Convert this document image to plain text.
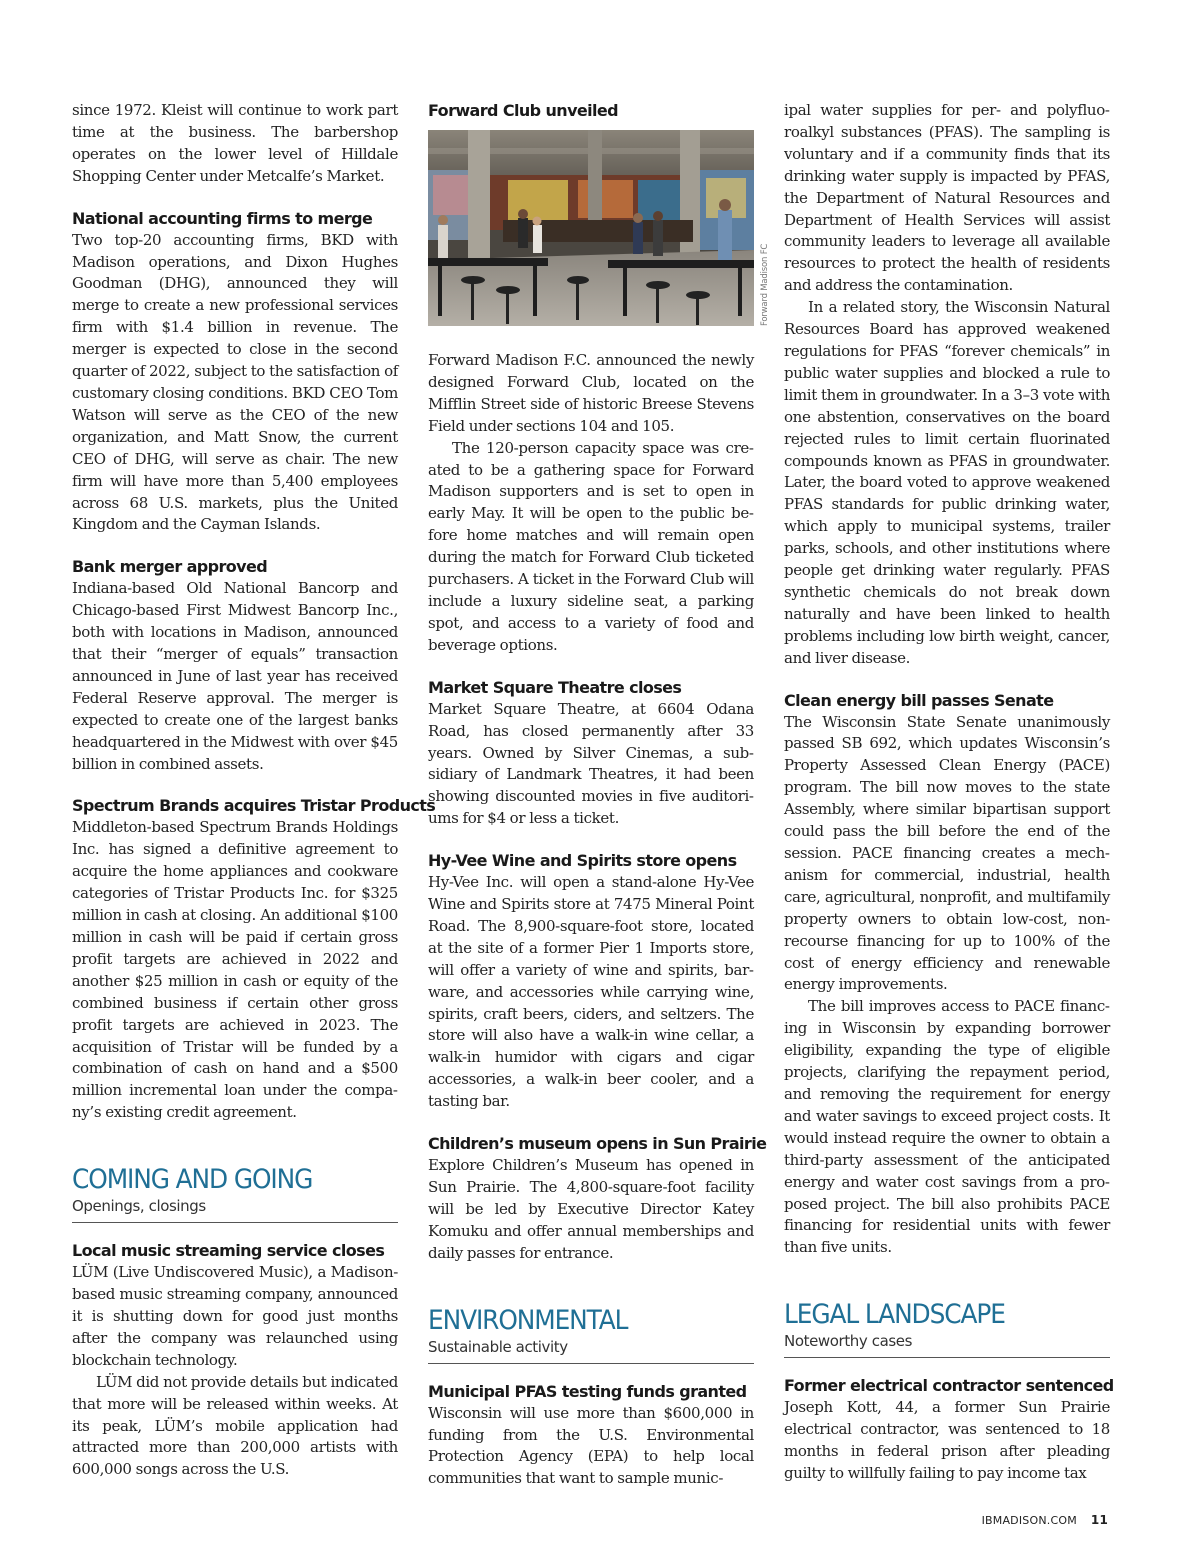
since 1972. Kleist will continue to work part time at the business. The barbershop operates on the lower level of Hilldale Shopping Center under Metcalfe’s Market.

National accounting firms to merge

Two top-20 accounting firms, BKD with Madison operations, and Dixon Hughes Goodman (DHG), announced they will merge to create a new professional services firm with $1.4 billion in revenue. The merger is expected to close in the second quarter of 2022, subject to the satisfaction of customary closing conditions. BKD CEO Tom Watson will serve as the CEO of the new organization, and Matt Snow, the current CEO of DHG, will serve as chair. The new firm will have more than 5,400 employees across 68 U.S. markets, plus the United Kingdom and the Cayman Islands.

Bank merger approved

Indiana-based Old National Bancorp and Chicago-based First Midwest Bancorp Inc., both with locations in Madison, announced that their “merger of equals” transaction announced in June of last year has received Federal Reserve approval. The merger is expected to create one of the largest banks headquartered in the Midwest with over $45 billion in combined assets.

Spectrum Brands acquires Tristar Products

Middleton-based Spectrum Brands Holdings Inc. has signed a definitive agreement to acquire the home appliances and cookware categories of Tristar Products Inc. for $325 million in cash at closing. An additional $100 million in cash will be paid if certain gross profit targets are achieved in 2022 and another $25 million in cash or equity of the combined business if certain other gross profit targets are achieved in 2023. The acquisition of Tristar will be funded by a combination of cash on hand and a $500 million incremental loan under the company’s existing credit agreement.

COMING AND GOING
Openings, closings
Local music streaming service closes

LÜM (Live Undiscovered Music), a Madison-based music streaming company, announced it is shutting down for good just months after the company was relaunched using blockchain technology.

LÜM did not provide details but indicated that more will be released within weeks. At its peak, LÜM’s mobile application had attracted more than 200,000 artists with 600,000 songs across the U.S.

Forward Club unveiled
Forward Madison FC

Forward Madison F.C. announced the newly designed Forward Club, located on the Mifflin Street side of historic Breese Stevens Field under sections 104 and 105.

The 120-person capacity space was created to be a gathering space for Forward Madison supporters and is set to open in early May. It will be open to the public before home matches and will remain open during the match for Forward Club ticketed purchasers. A ticket in the Forward Club will include a luxury sideline seat, a parking spot, and access to a variety of food and beverage options.

Market Square Theatre closes

Market Square Theatre, at 6604 Odana Road, has closed permanently after 33 years. Owned by Silver Cinemas, a subsidiary of Landmark Theatres, it had been showing discounted movies in five auditoriums for $4 or less a ticket.

Hy-Vee Wine and Spirits store opens

Hy-Vee Inc. will open a stand-alone Hy-Vee Wine and Spirits store at 7475 Mineral Point Road. The 8,900-square-foot store, located at the site of a former Pier 1 Imports store, will offer a variety of wine and spirits, barware, and accessories while carrying wine, spirits, craft beers, ciders, and seltzers. The store will also have a walk-in wine cellar, a walk-in humidor with cigars and cigar accessories, a walk-in beer cooler, and a tasting bar.

Children’s museum opens in Sun Prairie

Explore Children’s Museum has opened in Sun Prairie. The 4,800-square-foot facility will be led by Executive Director Katey Komuku and offer annual memberships and daily passes for entrance.

ENVIRONMENTAL
Sustainable activity
Municipal PFAS testing funds granted

Wisconsin will use more than $600,000 in funding from the U.S. Environmental Protection Agency (EPA) to help local communities that want to sample munic-

ipal water supplies for per- and polyfluoroalkyl substances (PFAS). The sampling is voluntary and if a community finds that its drinking water supply is impacted by PFAS, the Department of Natural Resources and Department of Health Services will assist community leaders to leverage all available resources to protect the health of residents and address the contamination.

In a related story, the Wisconsin Natural Resources Board has approved weakened regulations for PFAS “forever chemicals” in public water supplies and blocked a rule to limit them in groundwater. In a 3–3 vote with one abstention, conservatives on the board rejected rules to limit certain fluorinated compounds known as PFAS in groundwater. Later, the board voted to approve weakened PFAS standards for public drinking water, which apply to municipal systems, trailer parks, schools, and other institutions where people get drinking water regularly. PFAS synthetic chemicals do not break down naturally and have been linked to health problems including low birth weight, cancer, and liver disease.

Clean energy bill passes Senate

The Wisconsin State Senate unanimously passed SB 692, which updates Wisconsin’s Property Assessed Clean Energy (PACE) program. The bill now moves to the state Assembly, where similar bipartisan support could pass the bill before the end of the session. PACE financing creates a mechanism for commercial, industrial, health care, agricultural, nonprofit, and multifamily property owners to obtain low-cost, non-recourse financing for up to 100% of the cost of energy efficiency and renewable energy improvements.

The bill improves access to PACE financing in Wisconsin by expanding borrower eligibility, expanding the type of eligible projects, clarifying the repayment period, and removing the requirement for energy and water savings to exceed project costs. It would instead require the owner to obtain a third-party assessment of the anticipated energy and water cost savings from a proposed project. The bill also prohibits PACE financing for residential units with fewer than five units.

LEGAL LANDSCAPE
Noteworthy cases
Former electrical contractor sentenced

Joseph Kott, 44, a former Sun Prairie electrical contractor, was sentenced to 18 months in federal prison after pleading guilty to willfully failing to pay income tax

IBMADISON.COM 11
